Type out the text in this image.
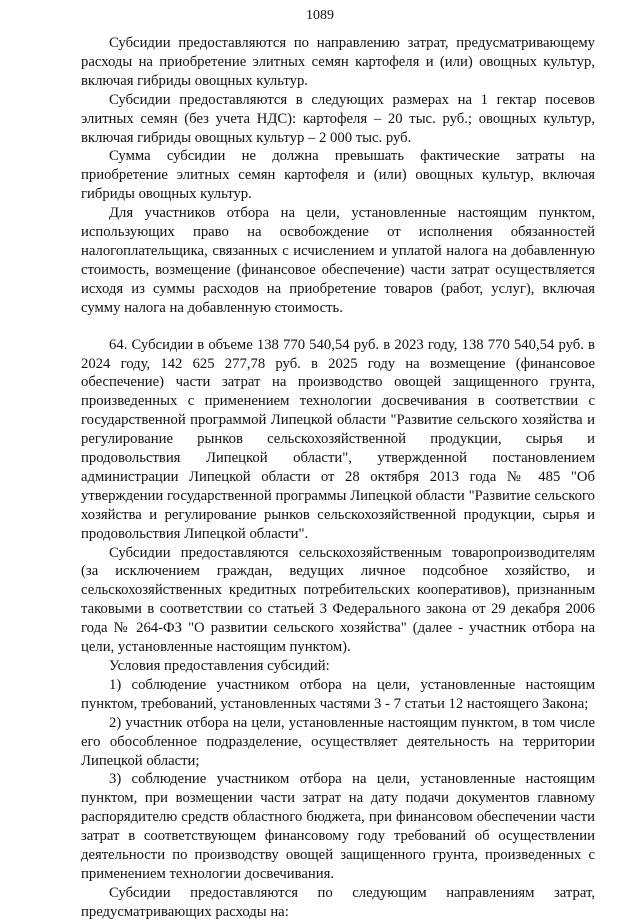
1089

Субсидии предоставляются по направлению затрат, предусматривающему расходы на приобретение элитных семян картофеля и (или) овощных культур, включая гибриды овощных культур.

Субсидии предоставляются в следующих размерах на 1 гектар посевов элитных семян (без учета НДС): картофеля – 20 тыс. руб.; овощных культур, включая гибриды овощных культур – 2 000 тыс. руб.

Сумма субсидии не должна превышать фактические затраты на приобретение элитных семян картофеля и (или) овощных культур, включая гибриды овощных культур.

Для участников отбора на цели, установленные настоящим пунктом, использующих право на освобождение от исполнения обязанностей налогоплательщика, связанных с исчислением и уплатой налога на добавленную стоимость, возмещение (финансовое обеспечение) части затрат осуществляется исходя из суммы расходов на приобретение товаров (работ, услуг), включая сумму налога на добавленную стоимость.

64. Субсидии в объеме 138 770 540,54 руб. в 2023 году, 138 770 540,54 руб. в 2024 году, 142 625 277,78 руб. в 2025 году на возмещение (финансовое обеспечение) части затрат на производство овощей защищенного грунта, произведенных с применением технологии досвечивания в соответствии с государственной программой Липецкой области "Развитие сельского хозяйства и регулирование рынков сельскохозяйственной продукции, сырья и продовольствия Липецкой области", утвержденной постановлением администрации Липецкой области от 28 октября 2013 года № 485 "Об утверждении государственной программы Липецкой области "Развитие сельского хозяйства и регулирование рынков сельскохозяйственной продукции, сырья и продовольствия Липецкой области".

Субсидии предоставляются сельскохозяйственным товаропроизводителям (за исключением граждан, ведущих личное подсобное хозяйство, и сельскохозяйственных кредитных потребительских кооперативов), признанным таковыми в соответствии со статьей 3 Федерального закона от 29 декабря 2006 года № 264-ФЗ "О развитии сельского хозяйства" (далее - участник отбора на цели, установленные настоящим пунктом).

Условия предоставления субсидий:

1) соблюдение участником отбора на цели, установленные настоящим пунктом, требований, установленных частями 3 - 7 статьи 12 настоящего Закона;

2) участник отбора на цели, установленные настоящим пунктом, в том числе его обособленное подразделение, осуществляет деятельность на территории Липецкой области;

3) соблюдение участником отбора на цели, установленные настоящим пунктом, при возмещении части затрат на дату подачи документов главному распорядителю средств областного бюджета, при финансовом обеспечении части затрат в соответствующем финансовому году требований об осуществлении деятельности по производству овощей защищенного грунта, произведенных с применением технологии досвечивания.

Субсидии предоставляются по следующим направлениям затрат, предусматривающих расходы на:
